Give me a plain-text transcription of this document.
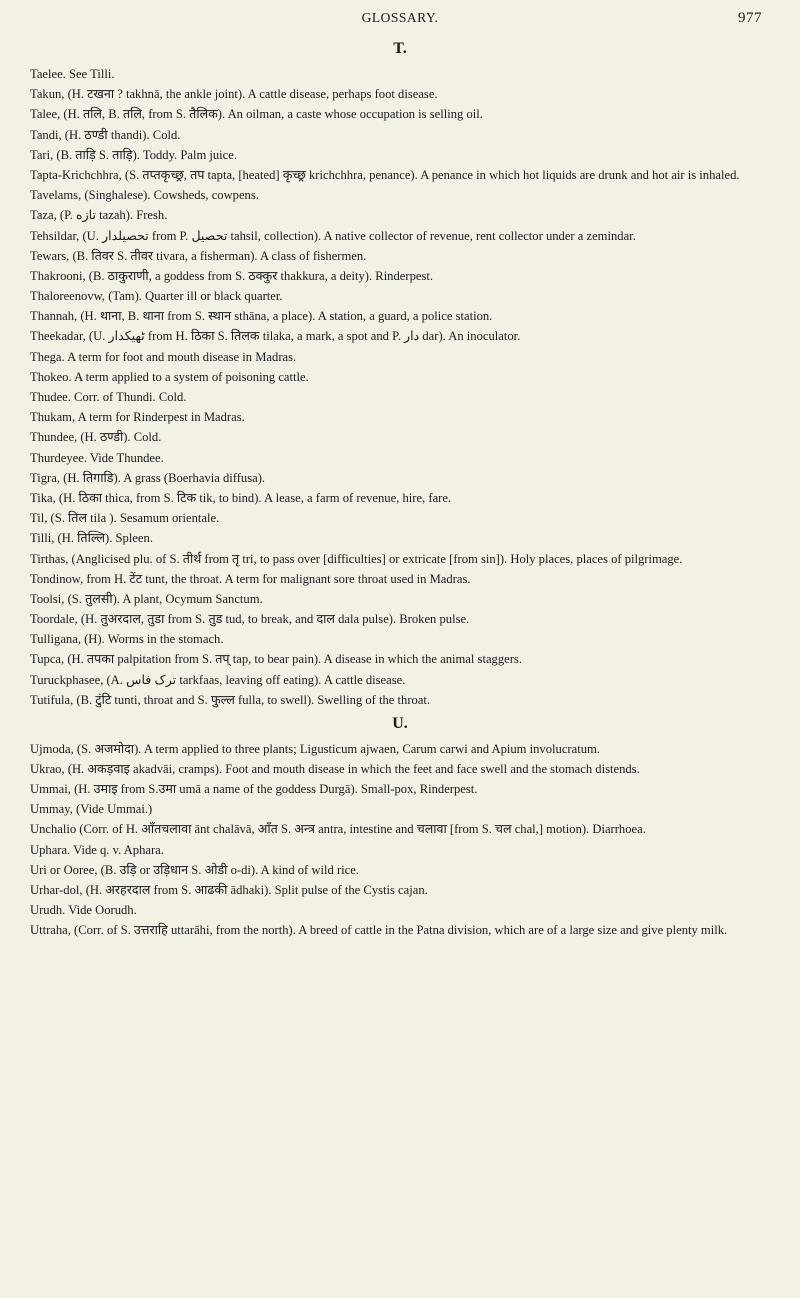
GLOSSARY.	977
T.

Taelee. See Tilli.

Takun, (H. टखना ? takhnā, the ankle joint). A cattle disease, perhaps foot disease.

Talee, (H. तलि, B. तलि, from S. तैलिक). An oilman, a caste whose occupation is selling oil.

Tandi, (H. ठण्डी thandi). Cold.

Tari, (B. ताड़ि S. ताड़ि). Toddy. Palm juice.

Tapta-Krichchhra, (S. तप्तकृच्छ्र, तप tapta, [heated] कृच्छ्र krichchhra, penance). A penance in which hot liquids are drunk and hot air is inhaled.

Tavelams, (Singhalese). Cowsheds, cowpens.

Taza, (P. تازه tazah). Fresh.

Tehsildar, (U. تحصیلدار from P. تحصیل tahsil, collection). A native collector of revenue, rent collector under a zemindar.

Tewars, (B. तिवर S. तीवर tivara, a fisherman). A class of fishermen.

Thakrooni, (B. ठाकुराणी, a goddess from S. ठक्कुर thakkura, a deity). Rinderpest.

Thaloreenovw, (Tam). Quarter ill or black quarter.

Thannah, (H. थाना, B. थाना from S. स्थान sthāna, a place). A station, a guard, a police station.

Theekadar, (U. ٹھیکدار from H. ठिका S. तिलक tilaka, a mark, a spot and P. دار dar). An inoculator.

Thega. A term for foot and mouth disease in Madras.

Thokeo. A term applied to a system of poisoning cattle.

Thudee. Corr. of Thundi. Cold.

Thukam, A term for Rinderpest in Madras.

Thundee, (H. ठण्डी). Cold.

Thurdeyee. Vide Thundee.

Tigra, (H. तिगाडि). A grass (Boerhavia diffusa).

Tika, (H. ठिका thica, from S. टिक tik, to bind). A lease, a farm of revenue, hire, fare.

Til, (S. तिल tila ). Sesamum orientale.

Tilli, (H. तिल्लि). Spleen.

Tirthas, (Anglicised plu. of S. तीर्थ from तृ tri, to pass over [difficulties] or extricate [from sin]). Holy places, places of pilgrimage.

Tondinow, from H. टेंट tunt, the throat. A term for malignant sore throat used in Madras.

Toolsi, (S. तुलसी). A plant, Ocymum Sanctum.

Toordale, (H. तुअरदाल, तुडा from S. तुड tud, to break, and दाल dala pulse). Broken pulse.

Tulligana, (H). Worms in the stomach.

Tupca, (H. तपका palpitation from S. तप् tap, to bear pain). A disease in which the animal staggers.

Turuckphasee, (A. ترک فاس tarkfaas, leaving off eating). A cattle disease.

Tutifula, (B. टुंटि tunti, throat and S. फुल्ल fulla, to swell). Swelling of the throat.

U.

Ujmoda, (S. अजमोदा). A term applied to three plants; Ligusticum ajwaen, Carum carwi and Apium involucratum.

Ukrao, (H. अकड़वाइ akadvāi, cramps). Foot and mouth disease in which the feet and face swell and the stomach distends.

Ummai, (H. उमाइ from S.उमा umā a name of the goddess Durgā). Small-pox, Rinderpest.

Ummay, (Vide Ummai.)

Unchalio (Corr. of H. आँतचलावा ānt chalāvā, आँत S. अन्त्र antra, intestine and चलावा [from S. चल chal,] motion). Diarrhoea.

Uphara. Vide q. v. Aphara.

Uri or Ooree, (B. उड़ि or उड़िधान S. ओडी o-di). A kind of wild rice.

Urhar-dol, (H. अरहरदाल from S. आढकी ādhaki). Split pulse of the Cystis cajan.

Urudh. Vide Oorudh.

Uttraha, (Corr. of S. उत्तराहि uttarāhi, from the north). A breed of cattle in the Patna division, which are of a large size and give plenty milk.
